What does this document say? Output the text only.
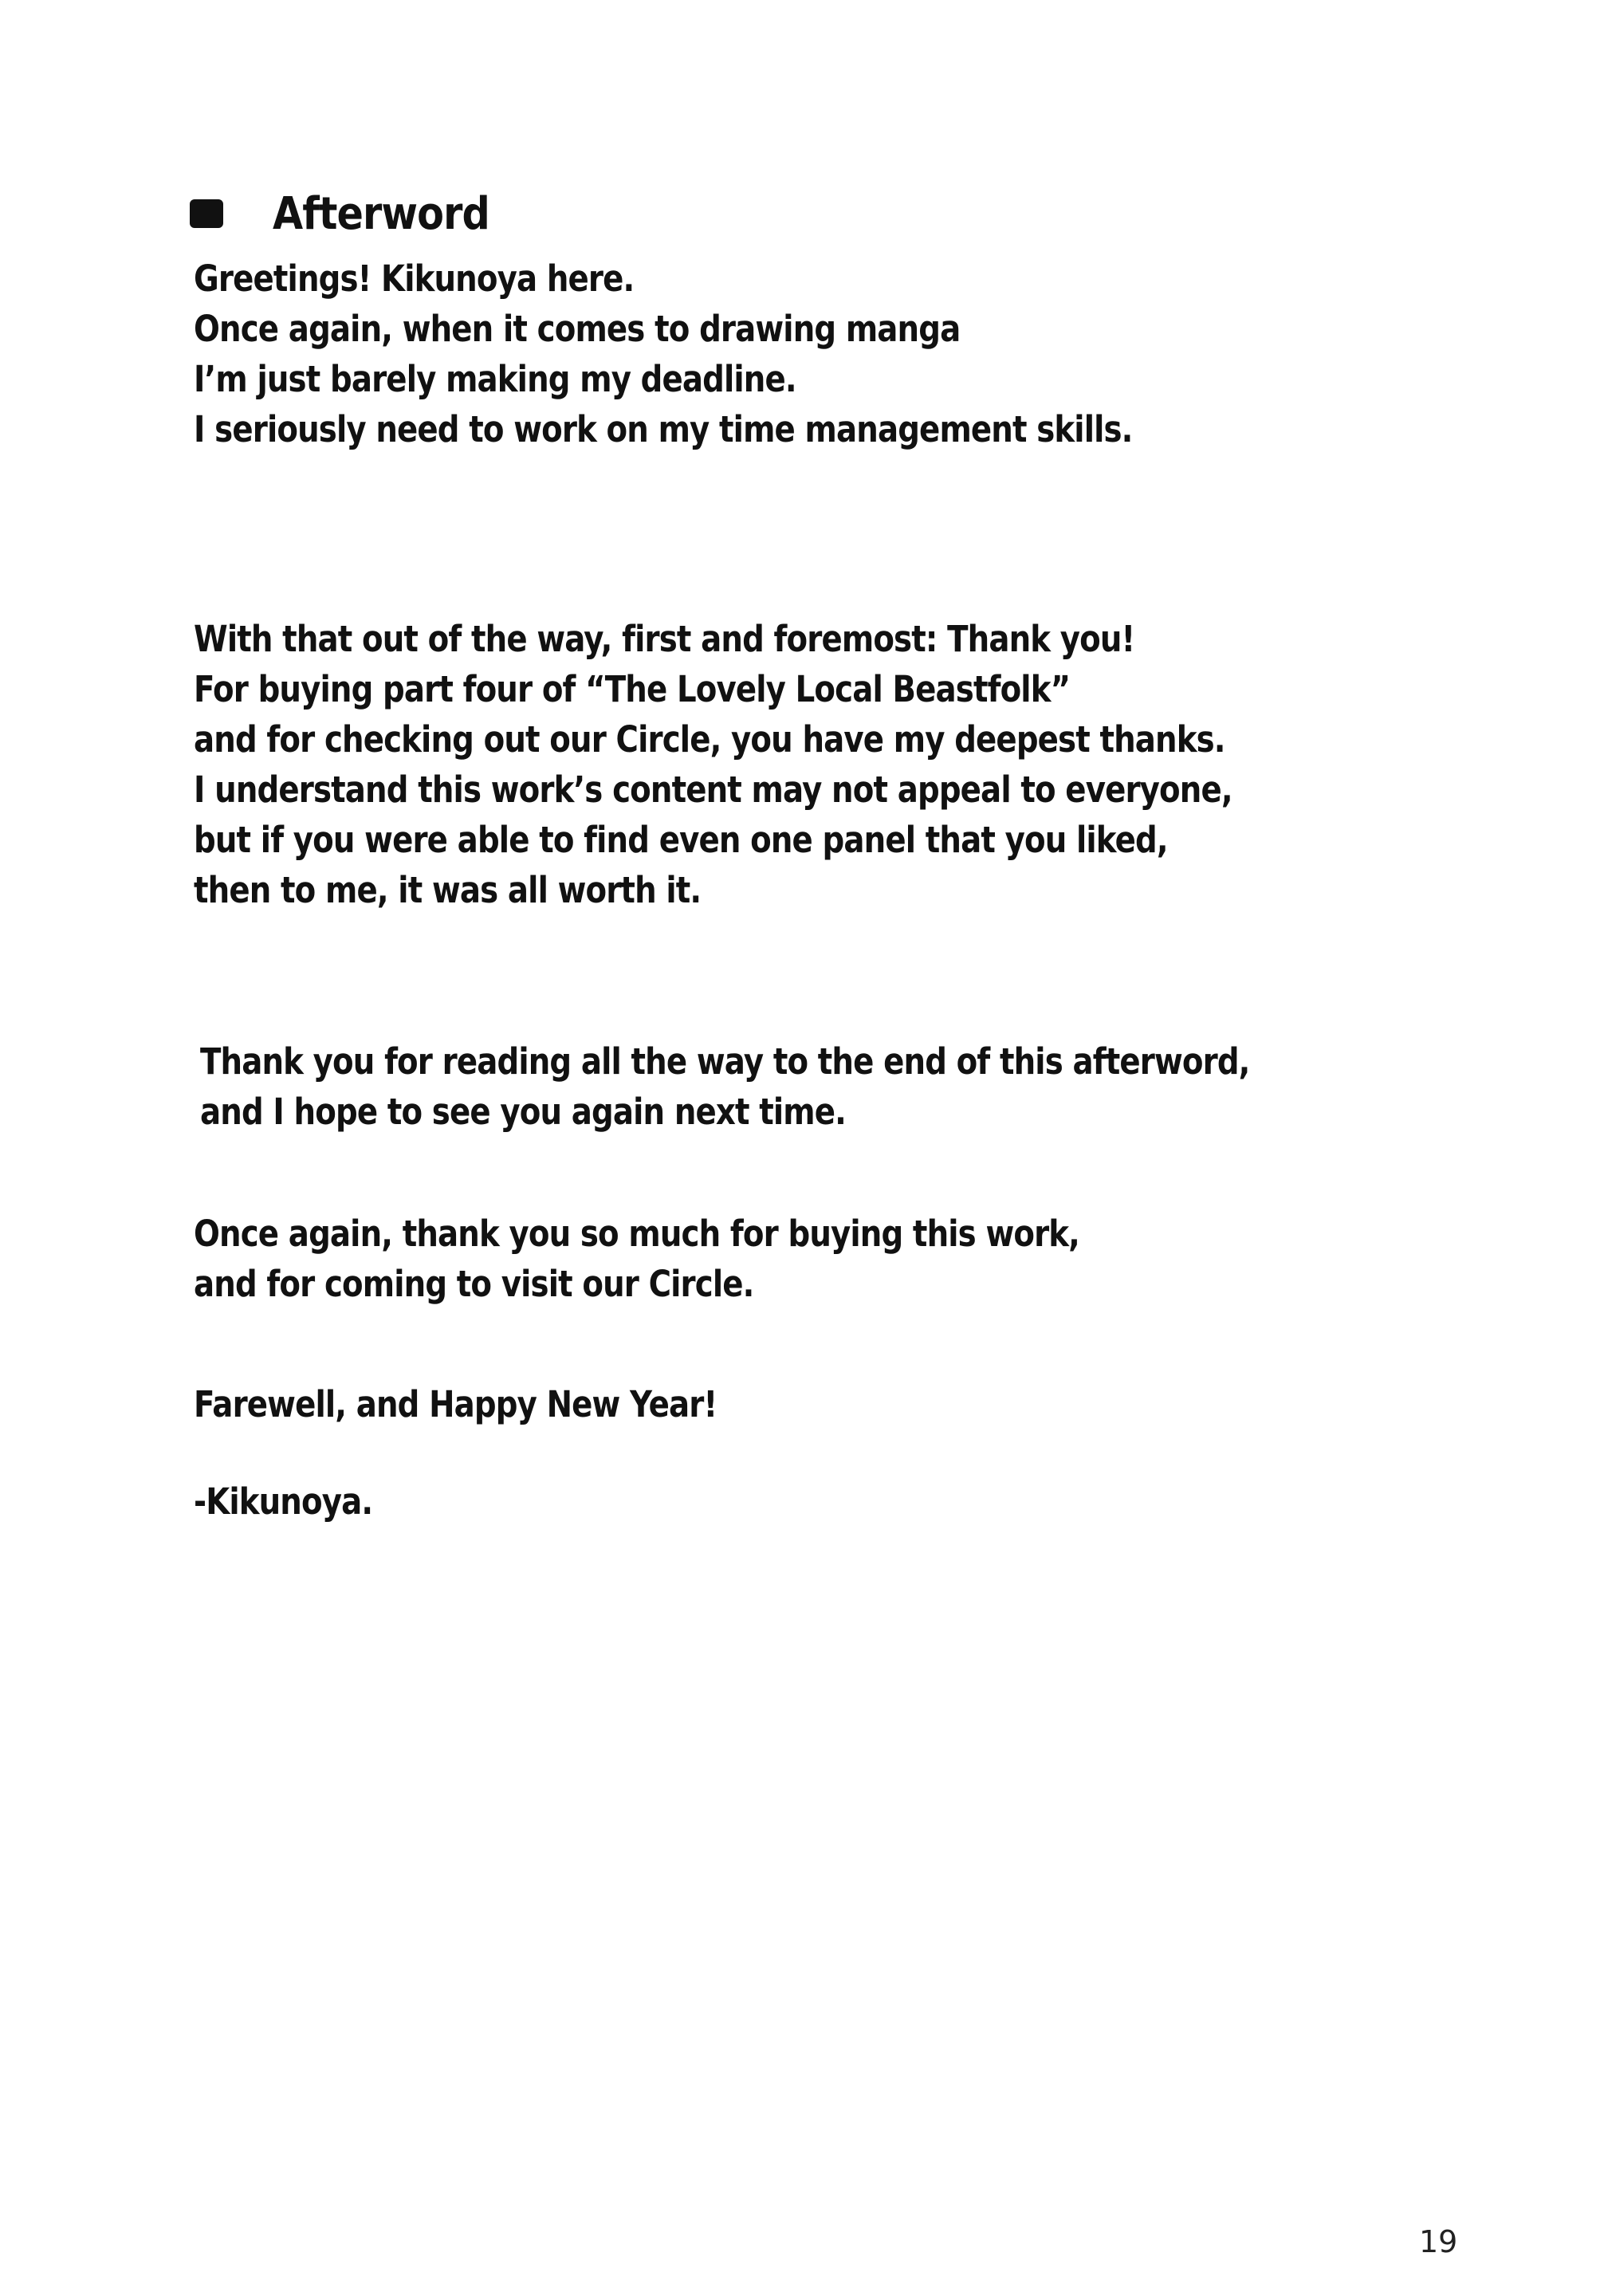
Afterword
Greetings! Kikunoya here.
Once again, when it comes to drawing manga
I’m just barely making my deadline.
I seriously need to work on my time management skills.
With that out of the way, first and foremost: Thank you!
For buying part four of “The Lovely Local Beastfolk”
and for checking out our Circle, you have my deepest thanks.
I understand this work’s content may not appeal to everyone,
but if you were able to find even one panel that you liked,
then to me, it was all worth it.
Thank you for reading all the way to the end of this afterword,
and I hope to see you again next time.
Once again, thank you so much for buying this work,
and for coming to visit our Circle.
Farewell, and Happy New Year!
-Kikunoya.
19
